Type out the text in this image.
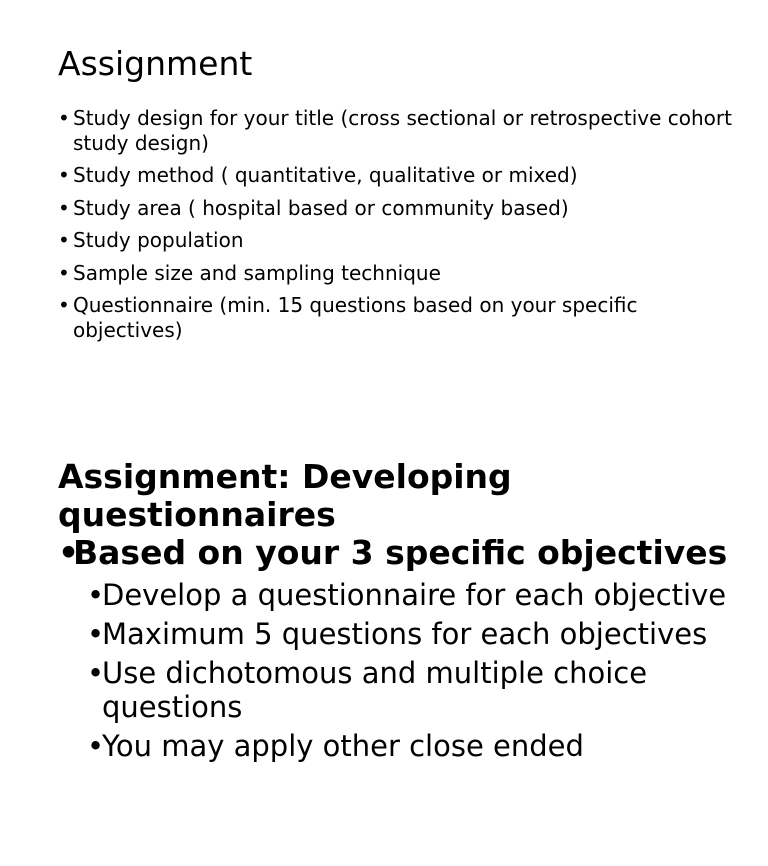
Assignment
• Study design for your title (cross sectional or retrospective cohort study design)
• Study method ( quantitative, qualitative or mixed)
• Study area ( hospital based or community based)
• Study population
• Sample size and sampling technique
• Questionnaire (min. 15 questions based on your specific objectives)
Assignment: Developing questionnaires
•
Based on your 3 specific objectives
•
Develop a questionnaire for each objective
•
Maximum 5 questions for each objectives
•
Use dichotomous and multiple choice questions
•
You may apply other close ended
